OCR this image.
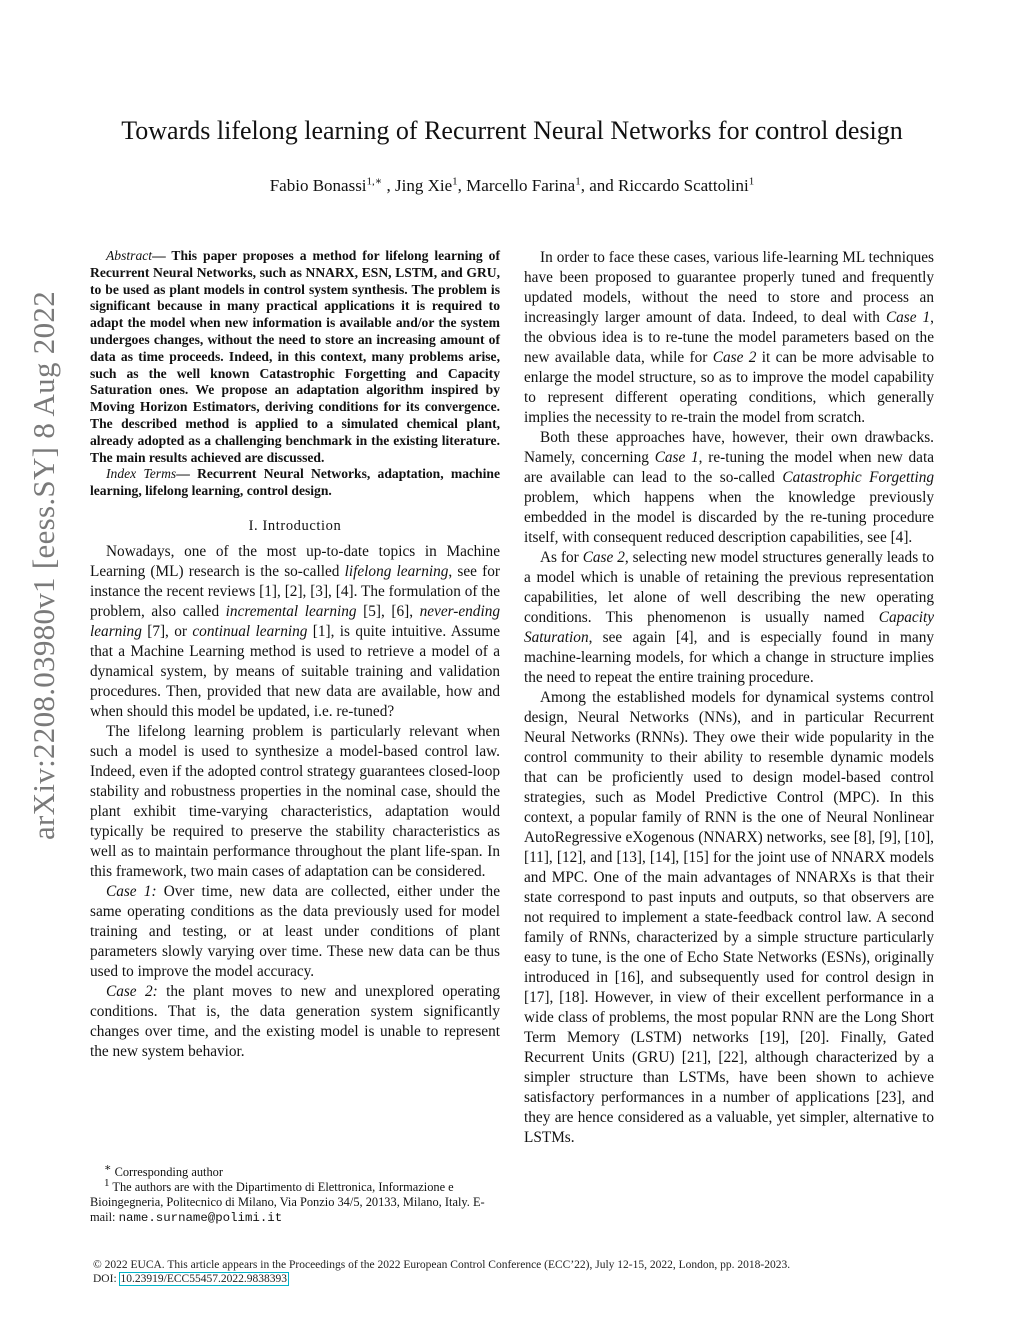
arXiv:2208.03980v1 [eess.SY] 8 Aug 2022
Towards lifelong learning of Recurrent Neural Networks for control design
Fabio Bonassi$^{1,∗}$ , Jing Xie$^1$, Marcello Farina$^1$, and Riccardo Scattolini$^1$

Abstract— This paper proposes a method for lifelong learning of Recurrent Neural Networks, such as NNARX, ESN, LSTM, and GRU, to be used as plant models in control system synthesis. The problem is significant because in many practical applications it is required to adapt the model when new information is available and/or the system undergoes changes, without the need to store an increasing amount of data as time proceeds. Indeed, in this context, many problems arise, such as the well known Catastrophic Forgetting and Capacity Saturation ones. We propose an adaptation algorithm inspired by Moving Horizon Estimators, deriving conditions for its convergence. The described method is applied to a simulated chemical plant, already adopted as a challenging benchmark in the existing literature. The main results achieved are discussed.

Index Terms— Recurrent Neural Networks, adaptation, machine learning, lifelong learning, control design.

I. Introduction

Nowadays, one of the most up-to-date topics in Machine Learning (ML) research is the so-called lifelong learning, see for instance the recent reviews [1], [2], [3], [4]. The formulation of the problem, also called incremental learning [5], [6], never-ending learning [7], or continual learning [1], is quite intuitive. Assume that a Machine Learning method is used to retrieve a model of a dynamical system, by means of suitable training and validation procedures. Then, provided that new data are available, how and when should this model be updated, i.e. re-tuned?

The lifelong learning problem is particularly relevant when such a model is used to synthesize a model-based control law. Indeed, even if the adopted control strategy guarantees closed-loop stability and robustness properties in the nominal case, should the plant exhibit time-varying characteristics, adaptation would typically be required to preserve the stability characteristics as well as to maintain performance throughout the plant life-span. In this framework, two main cases of adaptation can be considered.

Case 1: Over time, new data are collected, either under the same operating conditions as the data previously used for model training and testing, or at least under conditions of plant parameters slowly varying over time. These new data can be thus used to improve the model accuracy.

Case 2: the plant moves to new and unexplored operating conditions. That is, the data generation system significantly changes over time, and the existing model is unable to represent the new system behavior.

∗ Corresponding author

$^1$ The authors are with the Dipartimento di Elettronica, Informazione e Bioingegneria, Politecnico di Milano, Via Ponzio 34/5, 20133, Milano, Italy. E-mail: name.surname@polimi.it

In order to face these cases, various life-learning ML techniques have been proposed to guarantee properly tuned and frequently updated models, without the need to store and process an increasingly larger amount of data. Indeed, to deal with Case 1, the obvious idea is to re-tune the model parameters based on the new available data, while for Case 2 it can be more advisable to enlarge the model structure, so as to improve the model capability to represent different operating conditions, which generally implies the necessity to re-train the model from scratch.

Both these approaches have, however, their own drawbacks. Namely, concerning Case 1, re-tuning the model when new data are available can lead to the so-called Catastrophic Forgetting problem, which happens when the knowledge previously embedded in the model is discarded by the re-tuning procedure itself, with consequent reduced description capabilities, see [4].

As for Case 2, selecting new model structures generally leads to a model which is unable of retaining the previous representation capabilities, let alone of well describing the new operating conditions. This phenomenon is usually named Capacity Saturation, see again [4], and is especially found in many machine-learning models, for which a change in structure implies the need to repeat the entire training procedure.

Among the established models for dynamical systems control design, Neural Networks (NNs), and in particular Recurrent Neural Networks (RNNs). They owe their wide popularity in the control community to their ability to resemble dynamic models that can be proficiently used to design model-based control strategies, such as Model Predictive Control (MPC). In this context, a popular family of RNN is the one of Neural Nonlinear AutoRegressive eXogenous (NNARX) networks, see [8], [9], [10], [11], [12], and [13], [14], [15] for the joint use of NNARX models and MPC. One of the main advantages of NNARXs is that their state correspond to past inputs and outputs, so that observers are not required to implement a state-feedback control law. A second family of RNNs, characterized by a simple structure particularly easy to tune, is the one of Echo State Networks (ESNs), originally introduced in [16], and subsequently used for control design in [17], [18]. However, in view of their excellent performance in a wide class of problems, the most popular RNN are the Long Short Term Memory (LSTM) networks [19], [20]. Finally, Gated Recurrent Units (GRU) [21], [22], although characterized by a simpler structure than LSTMs, have been shown to achieve satisfactory performances in a number of applications [23], and they are hence considered as a valuable, yet simpler, alternative to LSTMs.

© 2022 EUCA. This article appears in the Proceedings of the 2022 European Control Conference (ECC’22), July 12-15, 2022, London, pp. 2018-2023.
DOI: 10.23919/ECC55457.2022.9838393
